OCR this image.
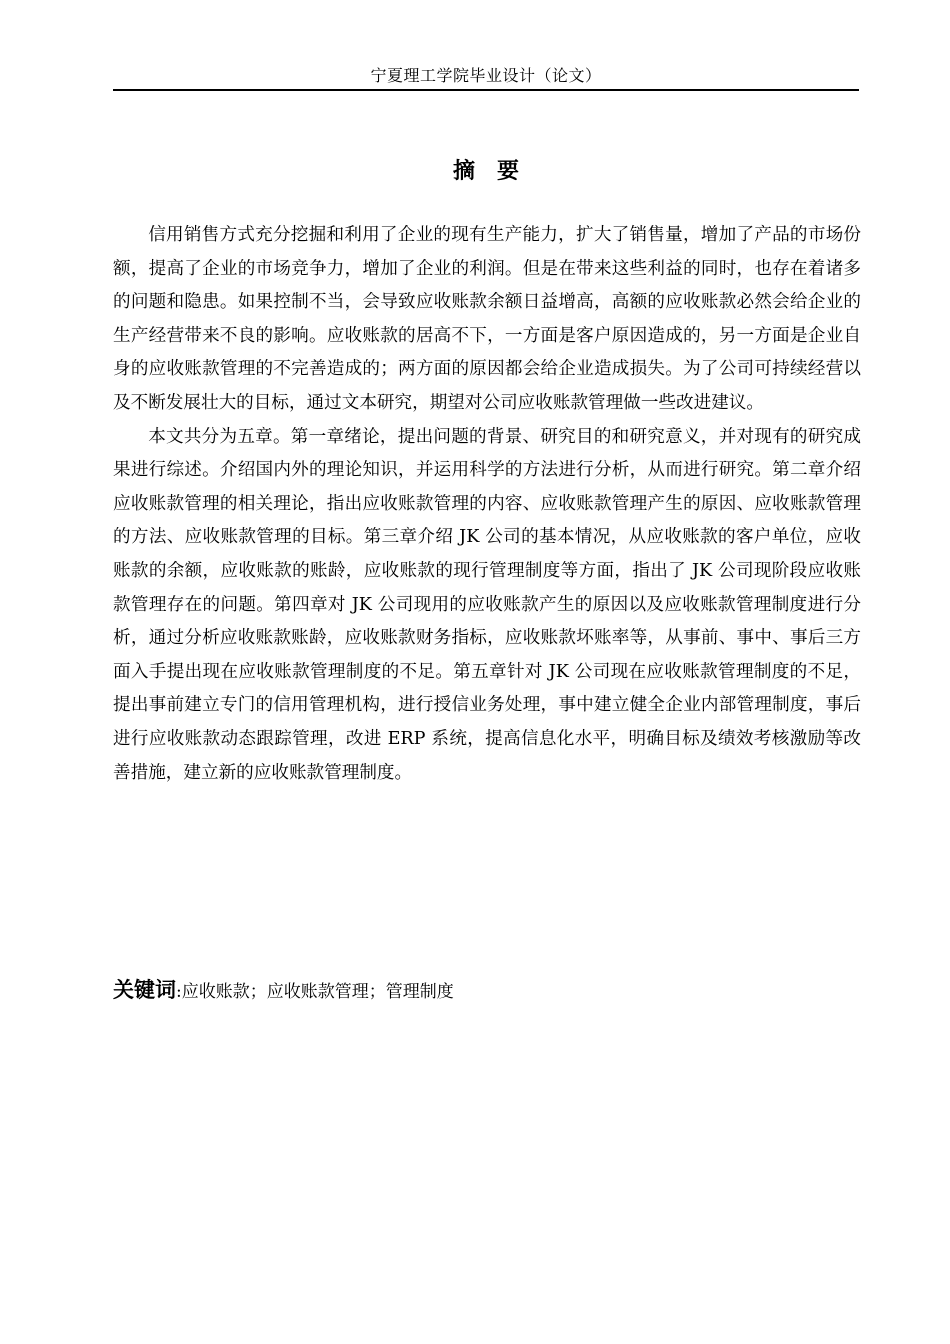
宁夏理工学院毕业设计（论文）
摘　要

信用销售方式充分挖掘和利用了企业的现有生产能力，扩大了销售量，增加了产品的市场份额，提高了企业的市场竞争力，增加了企业的利润。但是在带来这些利益的同时，也存在着诸多的问题和隐患。如果控制不当，会导致应收账款余额日益增高，高额的应收账款必然会给企业的生产经营带来不良的影响。应收账款的居高不下，一方面是客户原因造成的，另一方面是企业自身的应收账款管理的不完善造成的；两方面的原因都会给企业造成损失。为了公司可持续经营以及不断发展壮大的目标，通过文本研究，期望对公司应收账款管理做一些改进建议。

本文共分为五章。第一章绪论，提出问题的背景、研究目的和研究意义，并对现有的研究成果进行综述。介绍国内外的理论知识，并运用科学的方法进行分析，从而进行研究。第二章介绍应收账款管理的相关理论，指出应收账款管理的内容、应收账款管理产生的原因、应收账款管理的方法、应收账款管理的目标。第三章介绍 JK 公司的基本情况，从应收账款的客户单位，应收账款的余额，应收账款的账龄，应收账款的现行管理制度等方面，指出了 JK 公司现阶段应收账款管理存在的问题。第四章对 JK 公司现用的应收账款产生的原因以及应收账款管理制度进行分析，通过分析应收账款账龄，应收账款财务指标，应收账款坏账率等，从事前、事中、事后三方面入手提出现在应收账款管理制度的不足。第五章针对 JK 公司现在应收账款管理制度的不足，提出事前建立专门的信用管理机构，进行授信业务处理，事中建立健全企业内部管理制度，事后进行应收账款动态跟踪管理，改进 ERP 系统，提高信息化水平，明确目标及绩效考核激励等改善措施，建立新的应收账款管理制度。

关键词:应收账款；应收账款管理；管理制度
